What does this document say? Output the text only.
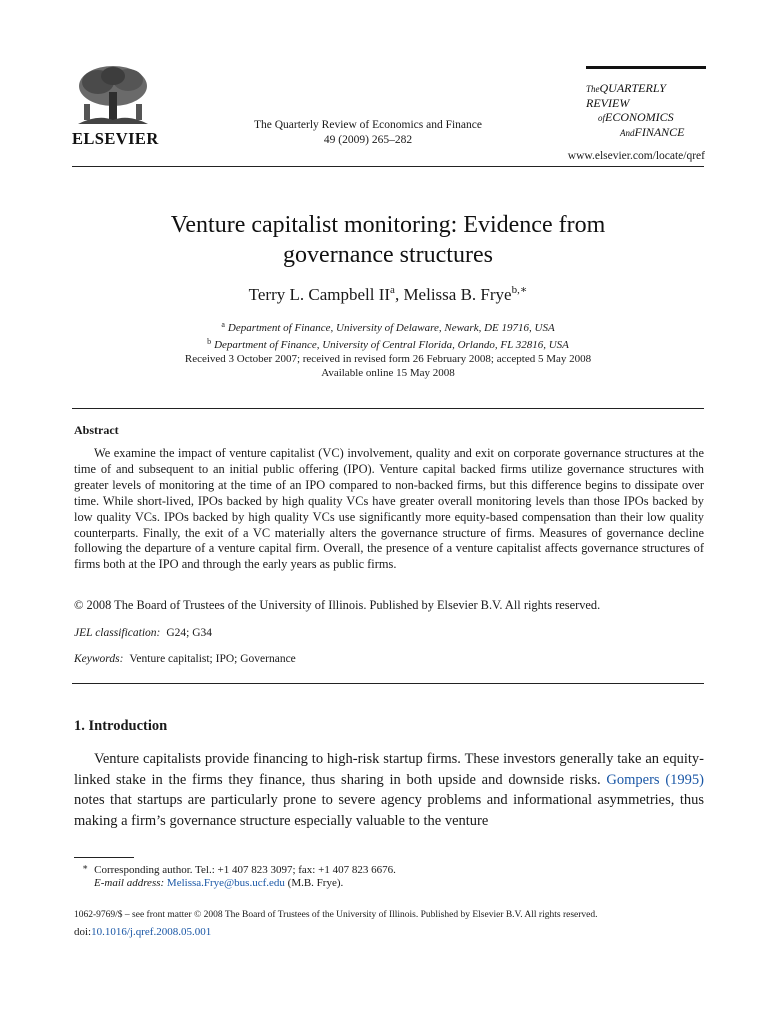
ELSEVIER
The Quarterly Review of Economics and Finance
49 (2009) 265–282
TheQUARTERLY REVIEW
ofECONOMICS
AndFINANCE
www.elsevier.com/locate/qref
Venture capitalist monitoring: Evidence from
governance structures
Terry L. Campbell $II^a$, Melissa B. Frye$^{b,∗}$
$^a$ Department of Finance, University of Delaware, Newark, DE 19716, USA
$^b$ Department of Finance, University of Central Florida, Orlando, FL 32816, USA
Received 3 October 2007; received in revised form 26 February 2008; accepted 5 May 2008
Available online 15 May 2008
Abstract

We examine the impact of venture capitalist (VC) involvement, quality and exit on corporate governance structures at the time of and subsequent to an initial public offering (IPO). Venture capital backed firms utilize governance structures with greater levels of monitoring at the time of an IPO compared to non-backed firms, but this difference begins to dissipate over time. While short-lived, IPOs backed by high quality VCs have greater overall monitoring levels than those IPOs backed by low quality VCs. IPOs backed by high quality VCs use significantly more equity-based compensation than their low quality counterparts. Finally, the exit of a VC materially alters the governance structure of firms. Measures of governance decline following the departure of a venture capital firm. Overall, the presence of a venture capitalist affects governance structures of firms both at the IPO and through the early years as public firms.

© 2008 The Board of Trustees of the University of Illinois. Published by Elsevier B.V. All rights reserved.
JEL classification: G24; G34
Keywords: Venture capitalist; IPO; Governance
1. Introduction

Venture capitalists provide financing to high-risk startup firms. These investors generally take an equity-linked stake in the firms they finance, thus sharing in both upside and downside risks. Gompers (1995) notes that startups are particularly prone to severe agency problems and informational asymmetries, thus making a firm’s governance structure especially valuable to the venture

∗ Corresponding author. Tel.: +1 407 823 3097; fax: +1 407 823 6676.
E-mail address: Melissa.Frye@bus.ucf.edu (M.B. Frye).
1062-9769/$ – see front matter © 2008 The Board of Trustees of the University of Illinois. Published by Elsevier B.V. All rights reserved.
doi:10.1016/j.qref.2008.05.001
